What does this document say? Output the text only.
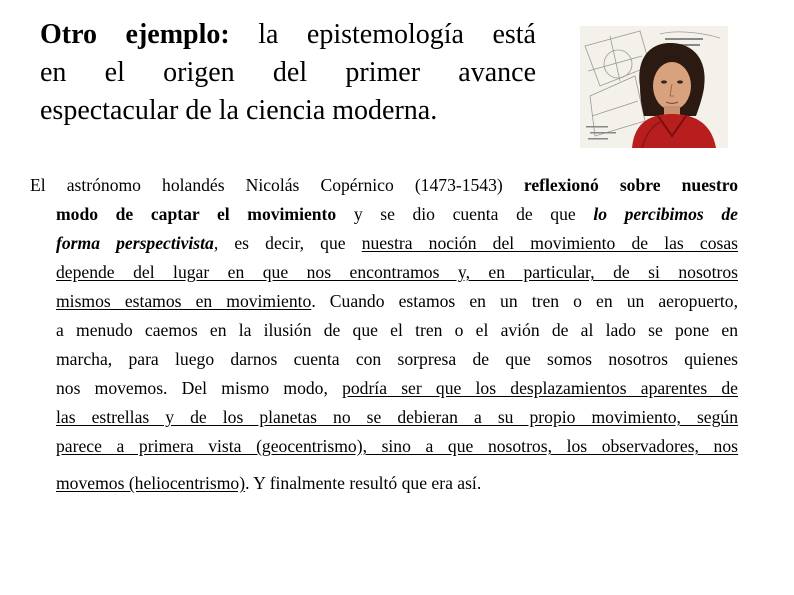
Otro ejemplo: la epistemología está
en el origen del primer avance
espectacular de la ciencia moderna.
El astrónomo holandés Nicolás Copérnico (1473-1543) reflexionó sobre nuestro
modo de captar el movimiento y se dio cuenta de que lo percibimos de
forma perspectivista, es decir, que nuestra noción del movimiento de las cosas
depende del lugar en que nos encontramos y, en particular, de si nosotros
mismos estamos en movimiento. Cuando estamos en un tren o en un aeropuerto,
a menudo caemos en la ilusión de que el tren o el avión de al lado se pone en
marcha, para luego darnos cuenta con sorpresa de que somos nosotros quienes
nos movemos. Del mismo modo, podría ser que los desplazamientos aparentes de
las estrellas y de los planetas no se debieran a su propio movimiento, según
parece a primera vista (geocentrismo), sino a que nosotros, los observadores, nos
movemos (heliocentrismo). Y finalmente resultó que era así.
